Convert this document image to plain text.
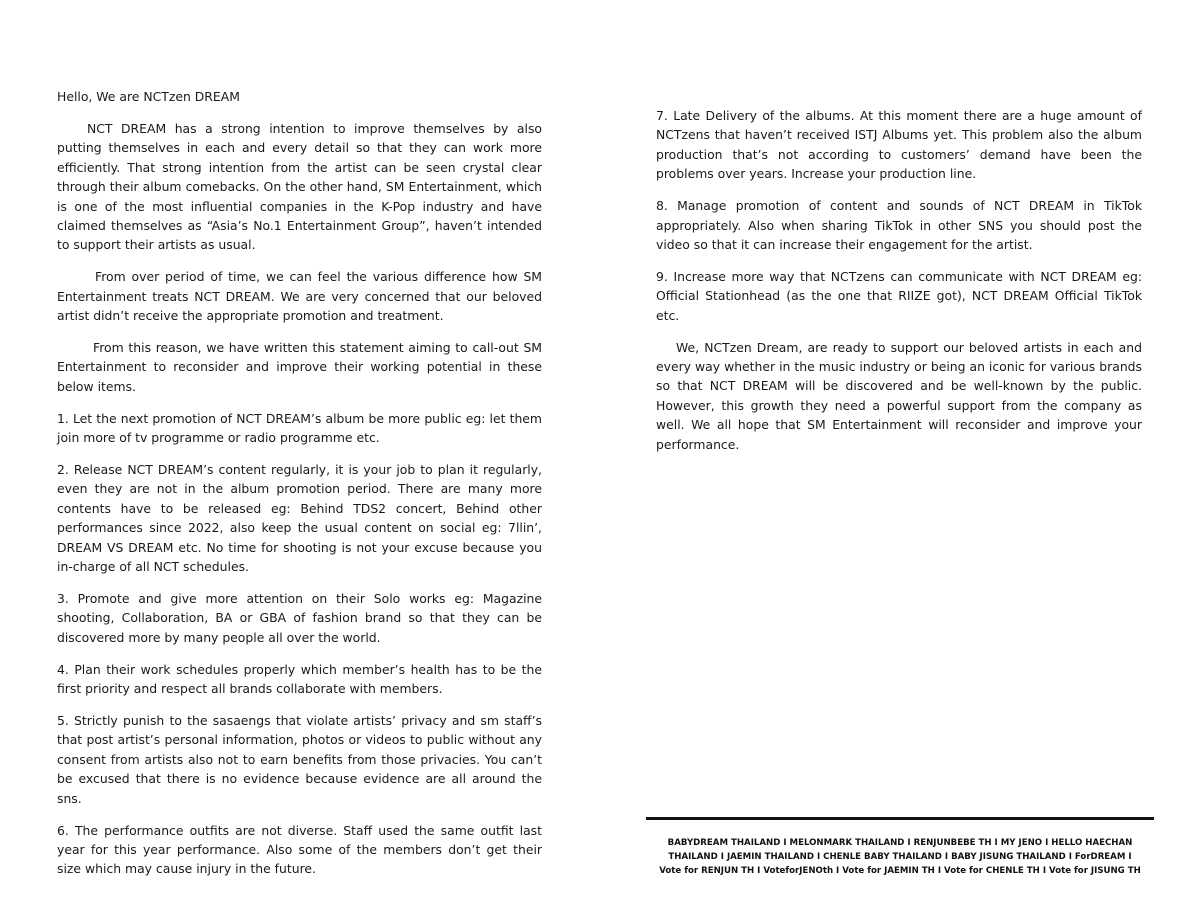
Hello, We are NCTzen DREAM

NCT DREAM has a strong intention to improve themselves by also putting themselves in each and every detail so that they can work more efficiently. That strong intention from the artist can be seen crystal clear through their album comebacks. On the other hand, SM Entertainment, which is one of the most influential companies in the K-Pop industry and have claimed themselves as “Asia’s No.1 Entertainment Group”, haven’t intended to support their artists as usual.

From over period of time, we can feel the various difference how SM Entertainment treats NCT DREAM. We are very concerned that our beloved artist didn’t receive the appropriate promotion and treatment.

From this reason, we have written this statement aiming to call-out SM Entertainment to reconsider and improve their working potential in these below items.

1. Let the next promotion of NCT DREAM’s album be more public eg: let them join more of tv programme or radio programme etc.

2. Release NCT DREAM’s content regularly, it is your job to plan it regularly, even they are not in the album promotion period. There are many more contents have to be released eg: Behind TDS2 concert, Behind other performances since 2022, also keep the usual content on social eg: 7llin’, DREAM VS DREAM etc. No time for shooting is not your excuse because you in-charge of all NCT schedules.

3. Promote and give more attention on their Solo works eg: Magazine shooting, Collaboration, BA or GBA of fashion brand so that they can be discovered more by many people all over the world.

4. Plan their work schedules properly which member’s health has to be the first priority and respect all brands collaborate with members.

5. Strictly punish to the sasaengs that violate artists’ privacy and sm staff’s that post artist’s personal information, photos or videos to public without any consent from artists also not to earn benefits from those privacies. You can’t be excused that there is no evidence because evidence are all around the sns.

6. The performance outfits are not diverse. Staff used the same outfit last year for this year performance. Also some of the members don’t get their size which may cause injury in the future.

7. Late Delivery of the albums. At this moment there are a huge amount of NCTzens that haven’t received ISTJ Albums yet. This problem also the album production that’s not according to customers’ demand have been the problems over years. Increase your production line.

8. Manage promotion of content and sounds of NCT DREAM in TikTok appropriately. Also when sharing TikTok in other SNS you should post the video so that it can increase their engagement for the artist.

9. Increase more way that NCTzens can communicate with NCT DREAM eg: Official Stationhead (as the one that RIIZE got), NCT DREAM Official TikTok etc.

We, NCTzen Dream, are ready to support our beloved artists in each and every way whether in the music industry or being an iconic for various brands so that NCT DREAM will be discovered and be well-known by the public. However, this growth they need a powerful support from the company as well. We all hope that SM Entertainment will reconsider and improve your performance.

BABYDREAM THAILAND I MELONMARK THAILAND I RENJUNBEBE TH I MY JENO I HELLO HAECHAN
THAILAND I JAEMIN THAILAND I CHENLE BABY THAILAND I BABY JISUNG THAILAND I ForDREAM I
Vote for RENJUN TH I VoteforJENOth I Vote for JAEMIN TH I Vote for CHENLE TH I Vote for JISUNG TH
